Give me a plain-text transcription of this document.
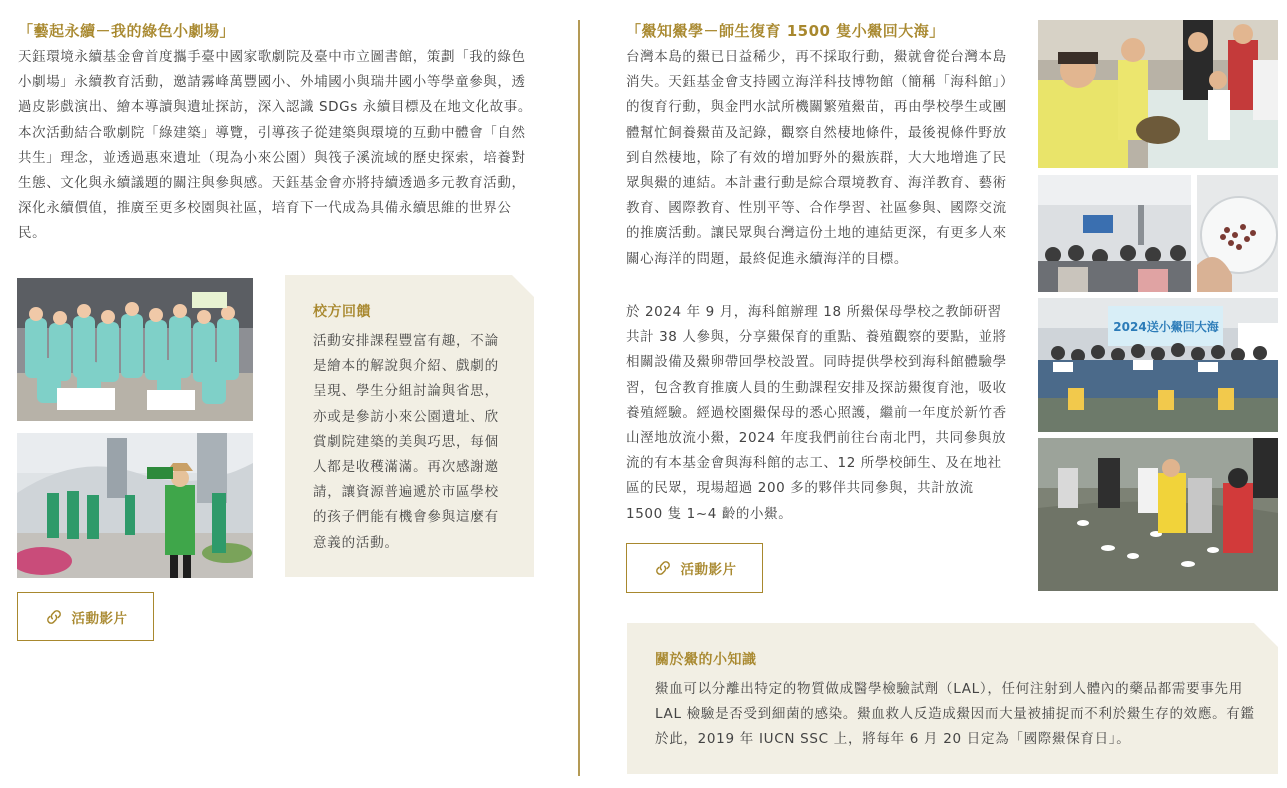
「藝起永續－我的綠色小劇場」
天鈺環境永續基金會首度攜手臺中國家歌劇院及臺中市立圖書館，策劃「我的綠色小劇場」永續教育活動，邀請霧峰萬豐國小、外埔國小與瑞井國小等學童參與，透過皮影戲演出、繪本導讀與遺址探訪，深入認識 SDGs 永續目標及在地文化故事。本次活動結合歌劇院「綠建築」導覽，引導孩子從建築與環境的互動中體會「自然共生」理念，並透過惠來遺址（現為小來公園）與筏子溪流域的歷史探索，培養對生態、文化與永續議題的關注與參與感。天鈺基金會亦將持續透過多元教育活動，深化永續價值，推廣至更多校園與社區，培育下一代成為具備永續思維的世界公民。
校方回饋
活動安排課程豐富有趣，不論是繪本的解說與介紹、戲劇的呈現、學生分組討論與省思，亦或是參訪小來公園遺址、欣賞劇院建築的美與巧思，每個人都是收穫滿滿。再次感謝邀請，讓資源普遍遞於市區學校的孩子們能有機會參與這麼有意義的活動。
活動影片
「鱟知鱟學－師生復育 1500 隻小鱟回大海」
台灣本島的鱟已日益稀少，再不採取行動，鱟就會從台灣本島消失。天鈺基金會支持國立海洋科技博物館（簡稱「海科館」）的復育行動，與金門水試所機關繁殖鱟苗，再由學校學生或團體幫忙飼養鱟苗及記錄，觀察自然棲地條件，最後視條件野放到自然棲地，除了有效的增加野外的鱟族群，大大地增進了民眾與鱟的連結。本計畫行動是綜合環境教育、海洋教育、藝術教育、國際教育、性別平等、合作學習、社區參與、國際交流的推廣活動。讓民眾與台灣這份土地的連結更深，有更多人來關心海洋的問題，最終促進永續海洋的目標。
於 2024 年 9 月，海科館辦理 18 所鱟保母學校之教師研習共計 38 人參與，分享鱟保育的重點、養殖觀察的要點，並將相關設備及鱟卵帶回學校設置。同時提供學校到海科館體驗學習，包含教育推廣人員的生動課程安排及探訪鱟復育池，吸收養殖經驗。經過校園鱟保母的悉心照護，繼前一年度於新竹香山溼地放流小鱟，2024 年度我們前往台南北門，共同參與放流的有本基金會與海科館的志工、12 所學校師生、及在地社區的民眾，現場超過 200 多的夥伴共同參與，共計放流 1500 隻 1~4 齡的小鱟。
2024送小鱟回大海
活動影片
關於鱟的小知識
鱟血可以分離出特定的物質做成醫學檢驗試劑（LAL），任何注射到人體內的藥品都需要事先用 LAL 檢驗是否受到細菌的感染。鱟血救人反造成鱟因而大量被捕捉而不利於鱟生存的效應。有鑑於此，2019 年 IUCN SSC 上，將每年 6 月 20 日定為「國際鱟保育日」。
